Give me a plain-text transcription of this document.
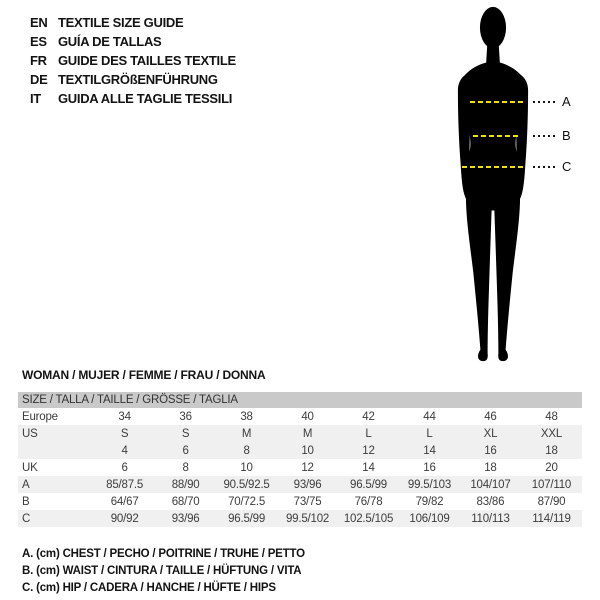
EN TEXTILE SIZE GUIDE
ES GUÍA DE TALLAS
FR GUIDE DES TAILLES TEXTILE
DE TEXTILGRÖßENFÜHRUNG
IT	GUIDA ALLE TAGLIE TESSILI	A
B
C
WOMAN / MUJER / FEMME / FRAU / DONNA
SIZE / TALLA / TAILLE / GRÖSSE / TAGLIA
Europe	34	36	38	40	42	44	46	48
US	S	S	M	M	L	L	XL	XXL
	4	6	8	10	12	14	16	18
UK	6	8	10	12	14	16	18	20
A	85/87.5	88/90	90.5/92.5	93/96	96.5/99	99.5/103	104/107	107/110
B	64/67	68/70	70/72.5	73/75	76/78	79/82	83/86	87/90
C	90/92	93/96	96.5/99	99.5/102	102.5/105	106/109	110/113	114/119
A. (cm) CHEST / PECHO / POITRINE / TRUHE / PETTO
B. (cm) WAIST / CINTURA / TAILLE / HÜFTUNG / VITA
C. (cm) HIP / CADERA / HANCHE / HÜFTE / HIPS
